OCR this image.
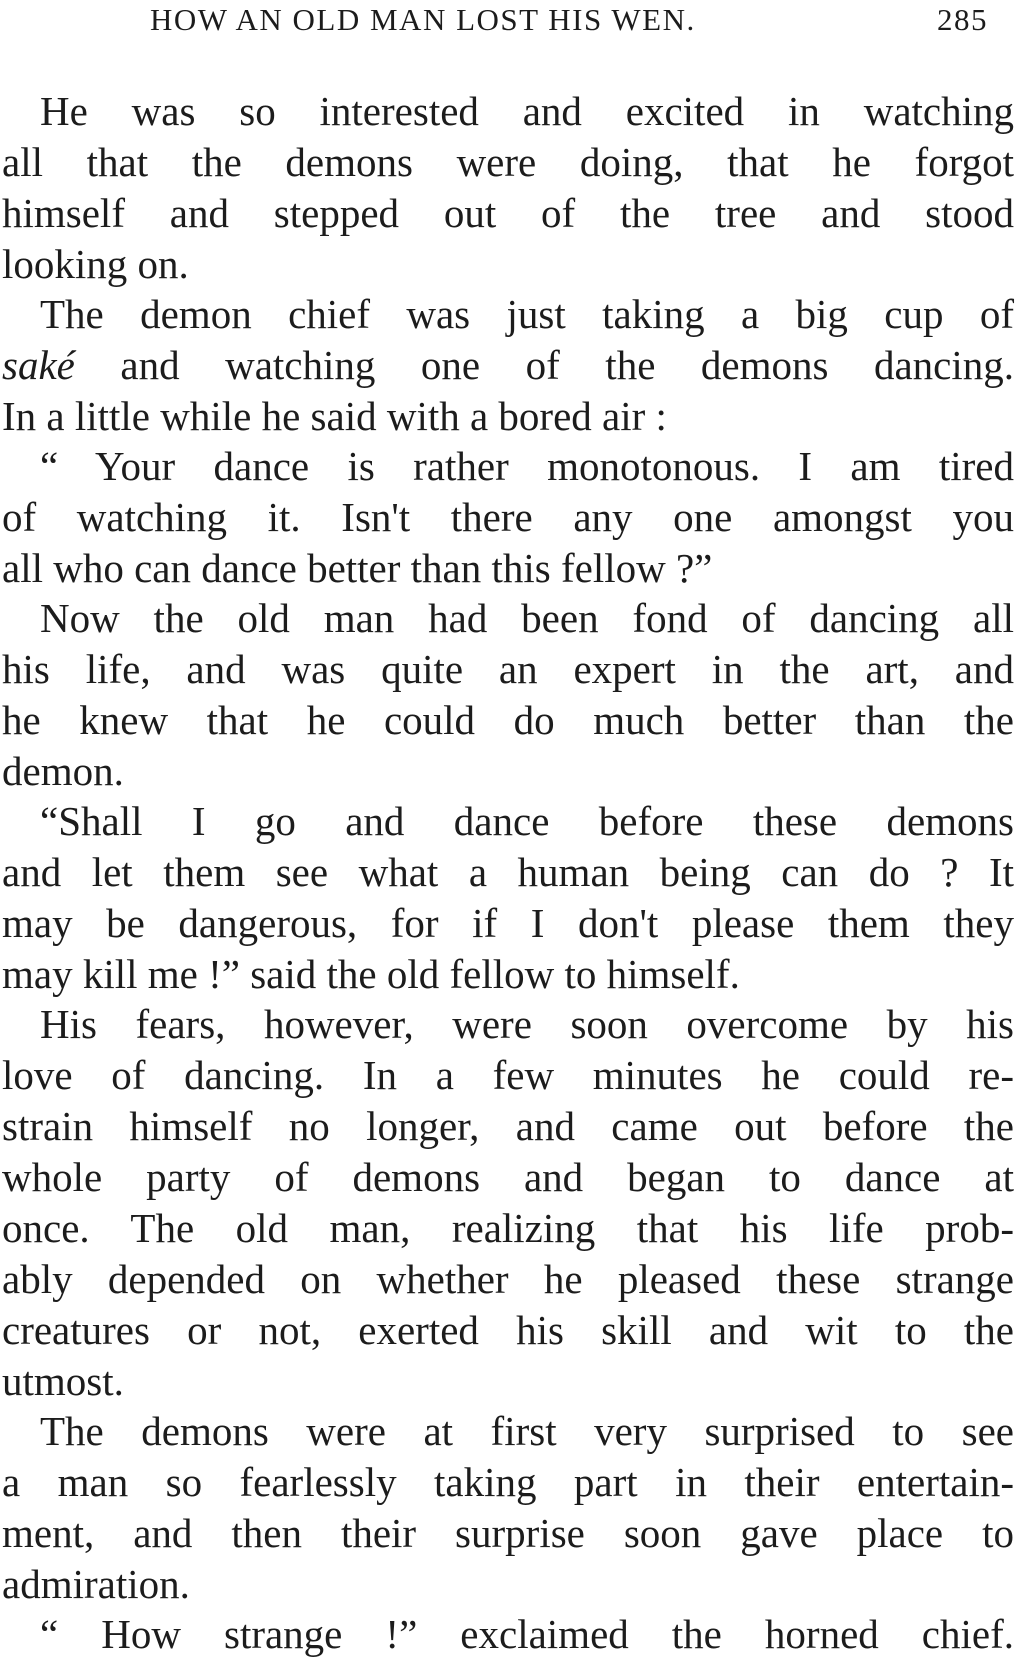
HOW AN OLD MAN LOST HIS WEN.	285

He was so interested and excited in watching
all that the demons were doing, that he forgot
himself and stepped out of the tree and stood
looking on.

The demon chief was just taking a big cup of
saké and watching one of the demons dancing.
In a little while he said with a bored air :

“ Your dance is rather monotonous. I am tired
of watching it. Isn't there any one amongst you
all who can dance better than this fellow ?”

Now the old man had been fond of dancing all
his life, and was quite an expert in the art, and
he knew that he could do much better than the
demon.

“Shall I go and dance before these demons
and let them see what a human being can do ? It
may be dangerous, for if I don't please them they
may kill me !” said the old fellow to himself.

His fears, however, were soon overcome by his
love of dancing. In a few minutes he could re-
strain himself no longer, and came out before the
whole party of demons and began to dance at
once. The old man, realizing that his life prob-
ably depended on whether he pleased these strange
creatures or not, exerted his skill and wit to the
utmost.

The demons were at first very surprised to see
a man so fearlessly taking part in their entertain-
ment, and then their surprise soon gave place to
admiration.

“ How strange !” exclaimed the horned chief.
